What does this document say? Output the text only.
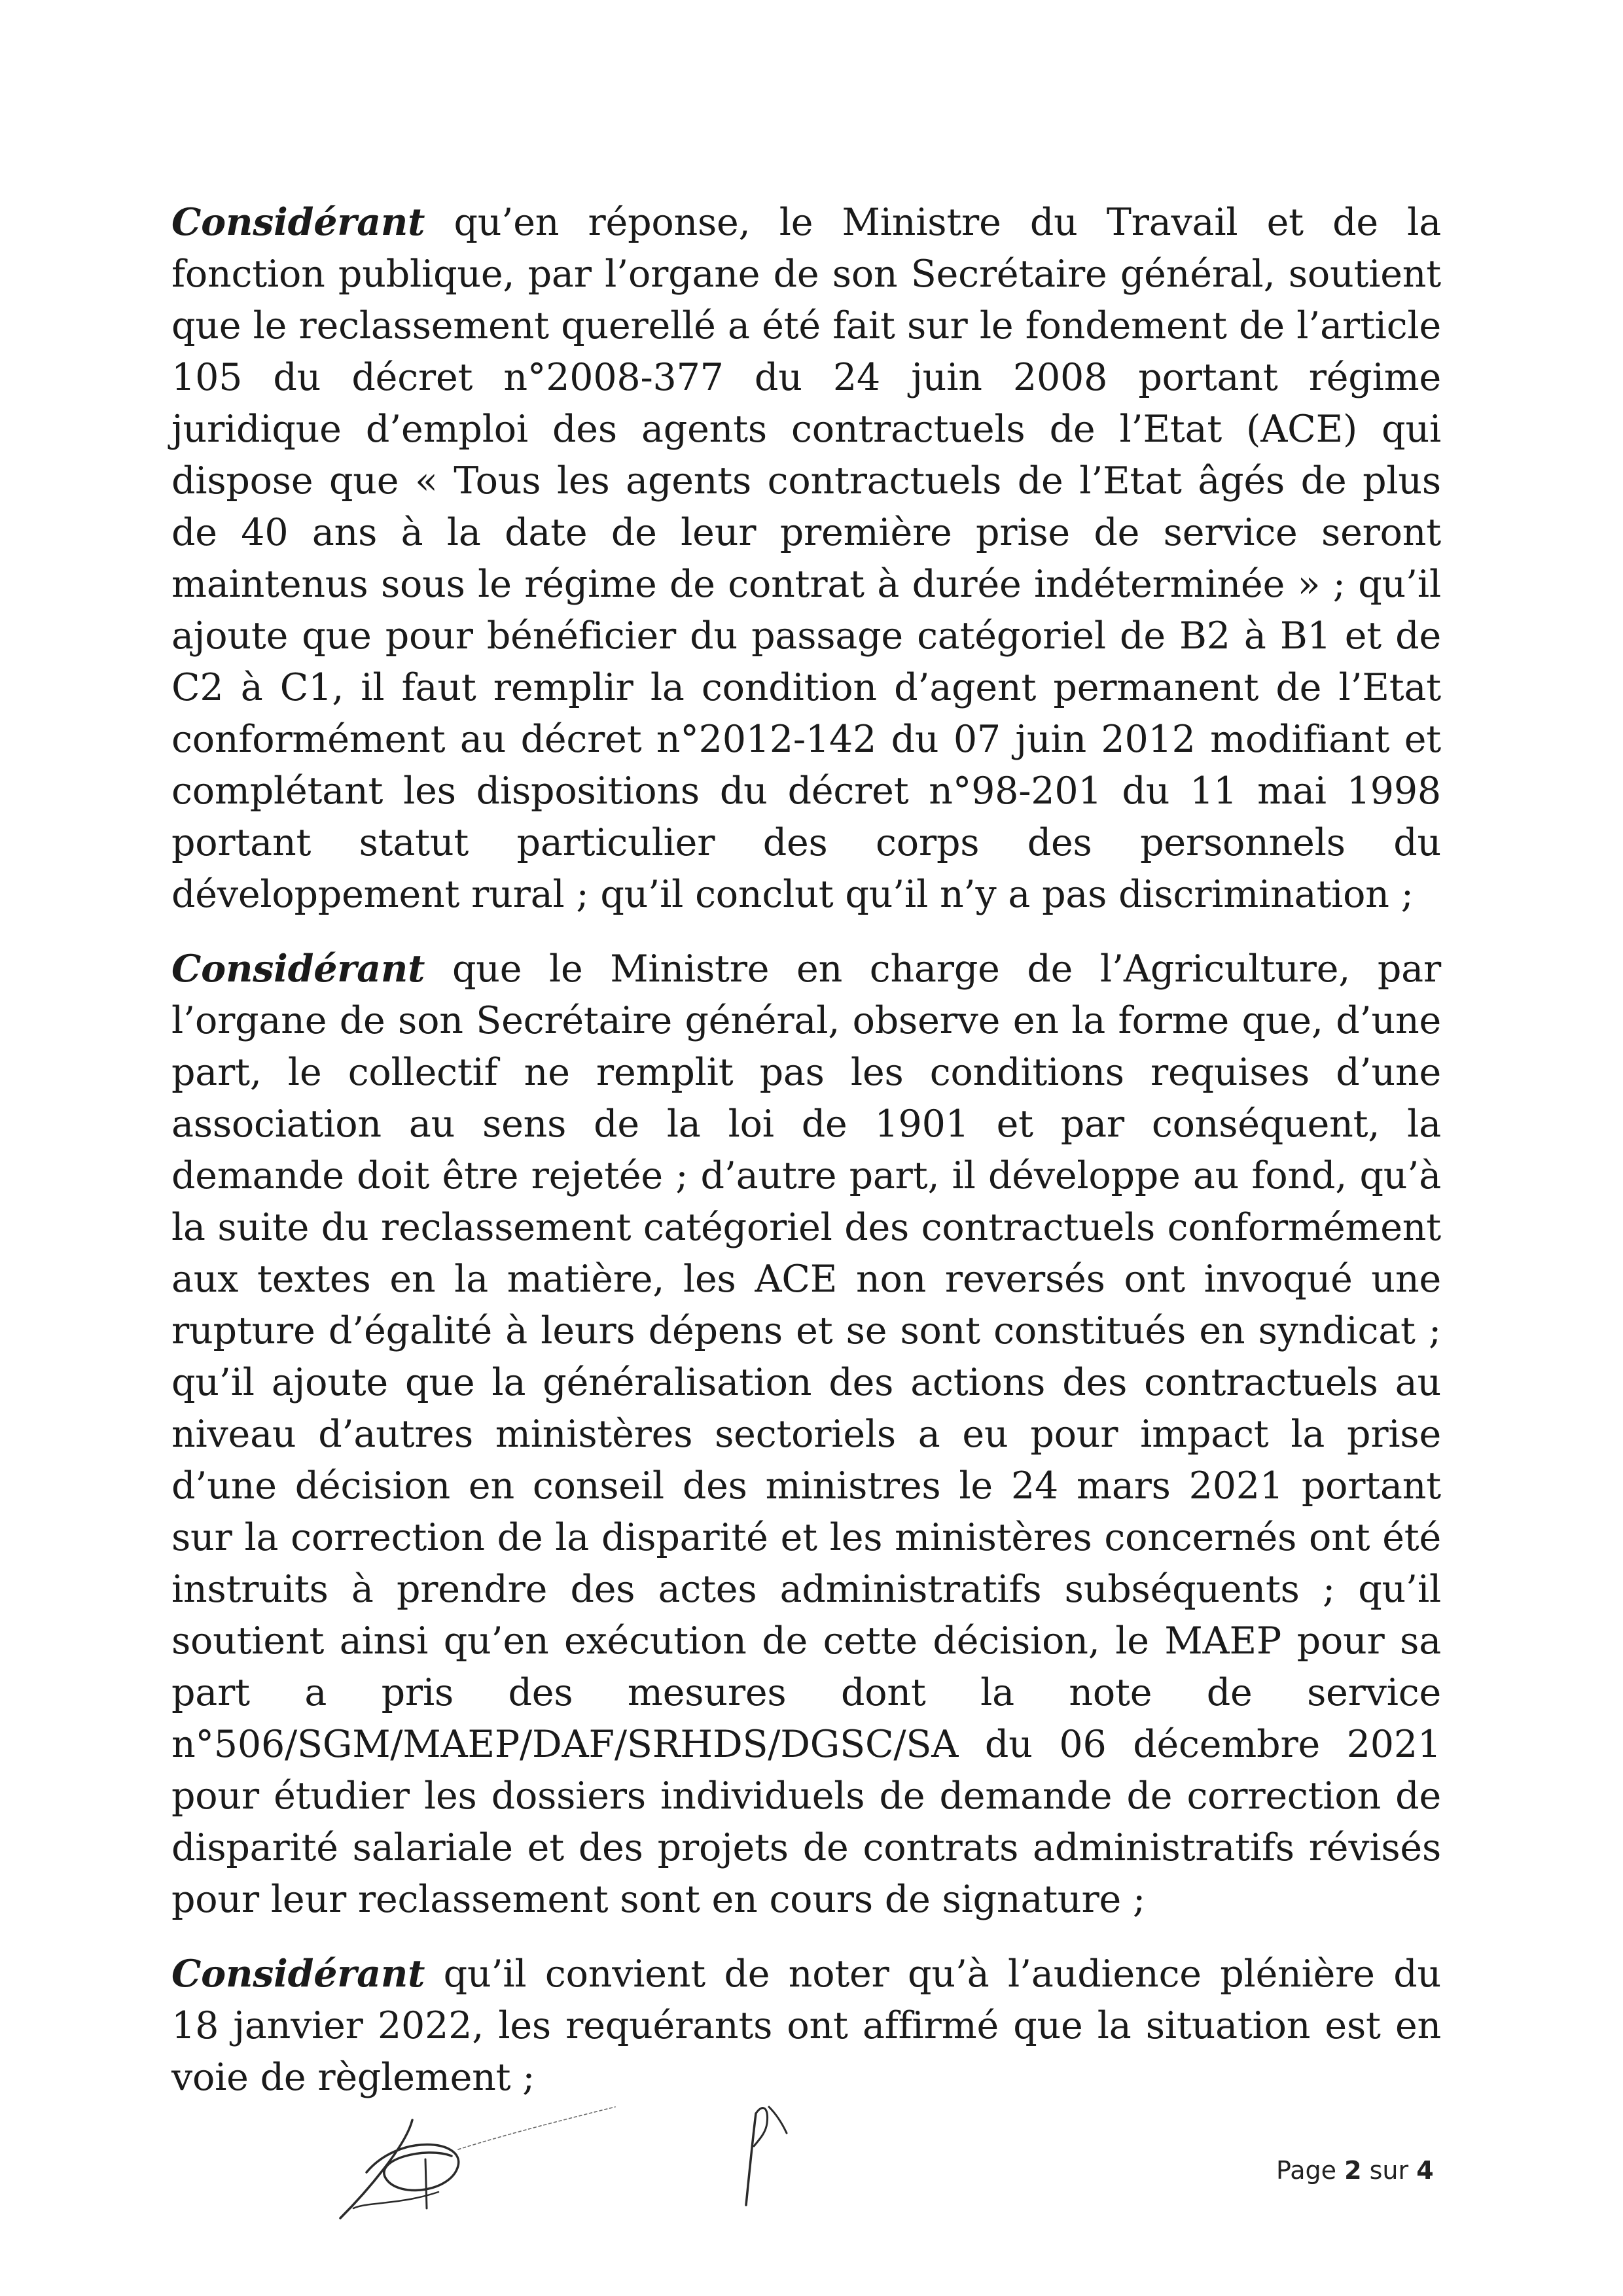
Considérant qu’en réponse, le Ministre du Travail et de la fonction publique, par l’organe de son Secrétaire général, soutient que le reclassement querellé a été fait sur le fondement de l’article 105 du décret n°2008-377 du 24 juin 2008 portant régime juridique d’emploi des agents contractuels de l’Etat (ACE) qui dispose que « Tous les agents contractuels de l’Etat âgés de plus de 40 ans à la date de leur première prise de service seront maintenus sous le régime de contrat à durée indéterminée » ; qu’il ajoute que pour bénéficier du passage catégoriel de B2 à B1 et de C2 à C1, il faut remplir la condition d’agent permanent de l’Etat conformément au décret n°2012-142 du 07 juin 2012 modifiant et complétant les dispositions du décret n°98-201 du 11 mai 1998 portant statut particulier des corps des personnels du développement rural ; qu’il conclut qu’il n’y a pas discrimination ;

Considérant que le Ministre en charge de l’Agriculture, par l’organe de son Secrétaire général, observe en la forme que, d’une part, le collectif ne remplit pas les conditions requises d’une association au sens de la loi de 1901 et par conséquent, la demande doit être rejetée ; d’autre part, il développe au fond, qu’à la suite du reclassement catégoriel des contractuels conformément aux textes en la matière, les ACE non reversés ont invoqué une rupture d’égalité à leurs dépens et se sont constitués en syndicat ; qu’il ajoute que la généralisation des actions des contractuels au niveau d’autres ministères sectoriels a eu pour impact la prise d’une décision en conseil des ministres le 24 mars 2021 portant sur la correction de la disparité et les ministères concernés ont été instruits à prendre des actes administratifs subséquents ; qu’il soutient ainsi qu’en exécution de cette décision, le MAEP pour sa part a pris des mesures dont la note de service n°506/SGM/MAEP/DAF/SRHDS/DGSC/SA du 06 décembre 2021 pour étudier les dossiers individuels de demande de correction de disparité salariale et des projets de contrats administratifs révisés pour leur reclassement sont en cours de signature ;

Considérant qu’il convient de noter qu’à l’audience plénière du 18 janvier 2022, les requérants ont affirmé que la situation est en voie de règlement ;

Page 2 sur 4
